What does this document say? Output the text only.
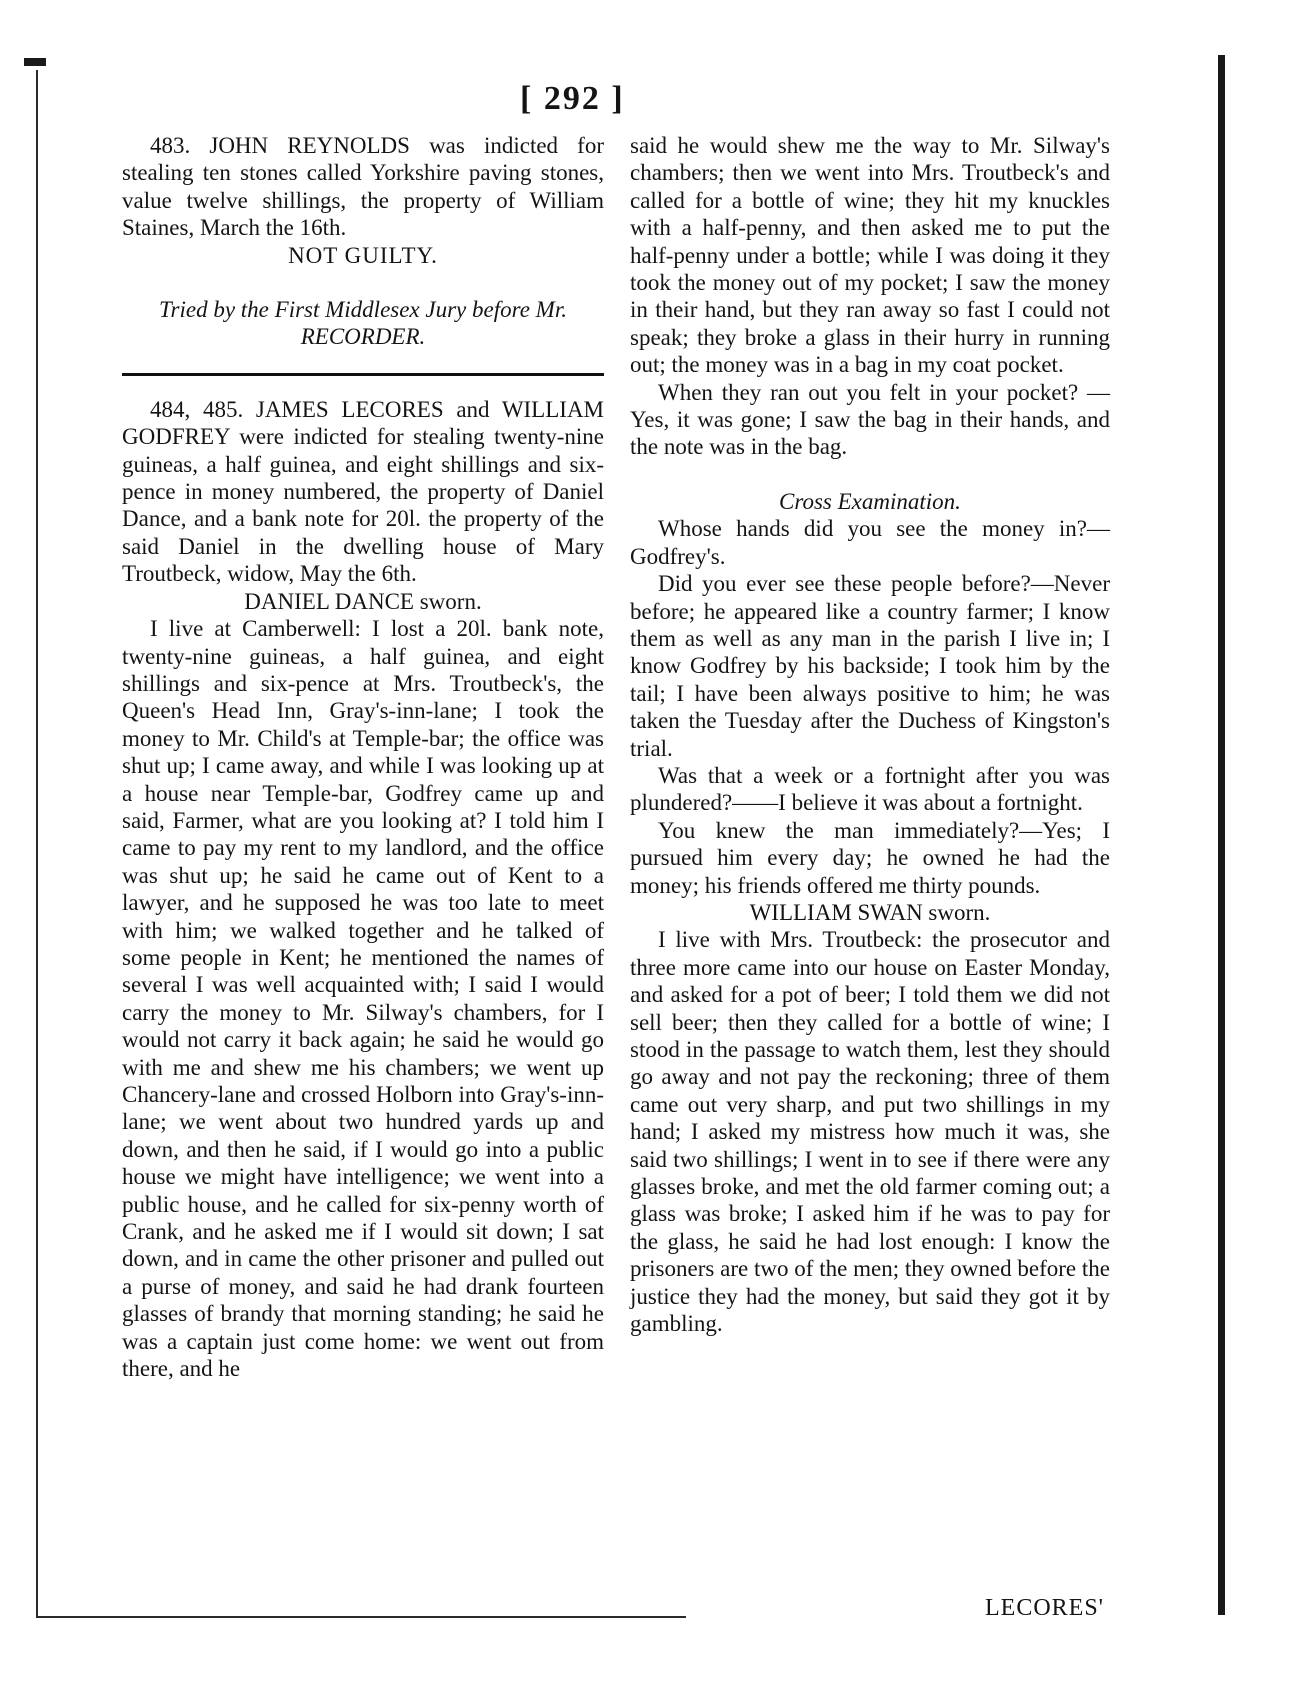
[ 292 ]

483. JOHN REYNOLDS was indicted for stealing ten stones called Yorkshire paving stones, value twelve shillings, the property of William Staines, March the 16th.

NOT GUILTY.

Tried by the First Middlesex Jury before Mr. RECORDER.

484, 485. JAMES LECORES and WILLIAM GODFREY were indicted for stealing twenty-nine guineas, a half guinea, and eight shillings and six-pence in money numbered, the property of Daniel Dance, and a bank note for 20l. the property of the said Daniel in the dwelling house of Mary Troutbeck, widow, May the 6th.

DANIEL DANCE sworn.

I live at Camberwell: I lost a 20l. bank note, twenty-nine guineas, a half guinea, and eight shillings and six-pence at Mrs. Troutbeck's, the Queen's Head Inn, Gray's-inn-lane; I took the money to Mr. Child's at Temple-bar; the office was shut up; I came away, and while I was looking up at a house near Temple-bar, Godfrey came up and said, Farmer, what are you looking at? I told him I came to pay my rent to my landlord, and the office was shut up; he said he came out of Kent to a lawyer, and he supposed he was too late to meet with him; we walked together and he talked of some people in Kent; he mentioned the names of several I was well acquainted with; I said I would carry the money to Mr. Silway's chambers, for I would not carry it back again; he said he would go with me and shew me his chambers; we went up Chancery-lane and crossed Holborn into Gray's-inn-lane; we went about two hundred yards up and down, and then he said, if I would go into a public house we might have intelligence; we went into a public house, and he called for six-penny worth of Crank, and he asked me if I would sit down; I sat down, and in came the other prisoner and pulled out a purse of money, and said he had drank fourteen glasses of brandy that morning standing; he said he was a captain just come home: we went out from there, and he

said he would shew me the way to Mr. Silway's chambers; then we went into Mrs. Troutbeck's and called for a bottle of wine; they hit my knuckles with a half-penny, and then asked me to put the half-penny under a bottle; while I was doing it they took the money out of my pocket; I saw the money in their hand, but they ran away so fast I could not speak; they broke a glass in their hurry in running out; the money was in a bag in my coat pocket.

When they ran out you felt in your pocket? —Yes, it was gone; I saw the bag in their hands, and the note was in the bag.

Cross Examination.

Whose hands did you see the money in?—Godfrey's.

Did you ever see these people before?—Never before; he appeared like a country farmer; I know them as well as any man in the parish I live in; I know Godfrey by his backside; I took him by the tail; I have been always positive to him; he was taken the Tuesday after the Duchess of Kingston's trial.

Was that a week or a fortnight after you was plundered?——I believe it was about a fortnight.

You knew the man immediately?—Yes; I pursued him every day; he owned he had the money; his friends offered me thirty pounds.

WILLIAM SWAN sworn.

I live with Mrs. Troutbeck: the prosecutor and three more came into our house on Easter Monday, and asked for a pot of beer; I told them we did not sell beer; then they called for a bottle of wine; I stood in the passage to watch them, lest they should go away and not pay the reckoning; three of them came out very sharp, and put two shillings in my hand; I asked my mistress how much it was, she said two shillings; I went in to see if there were any glasses broke, and met the old farmer coming out; a glass was broke; I asked him if he was to pay for the glass, he said he had lost enough: I know the prisoners are two of the men; they owned before the justice they had the money, but said they got it by gambling.

LECORES'
